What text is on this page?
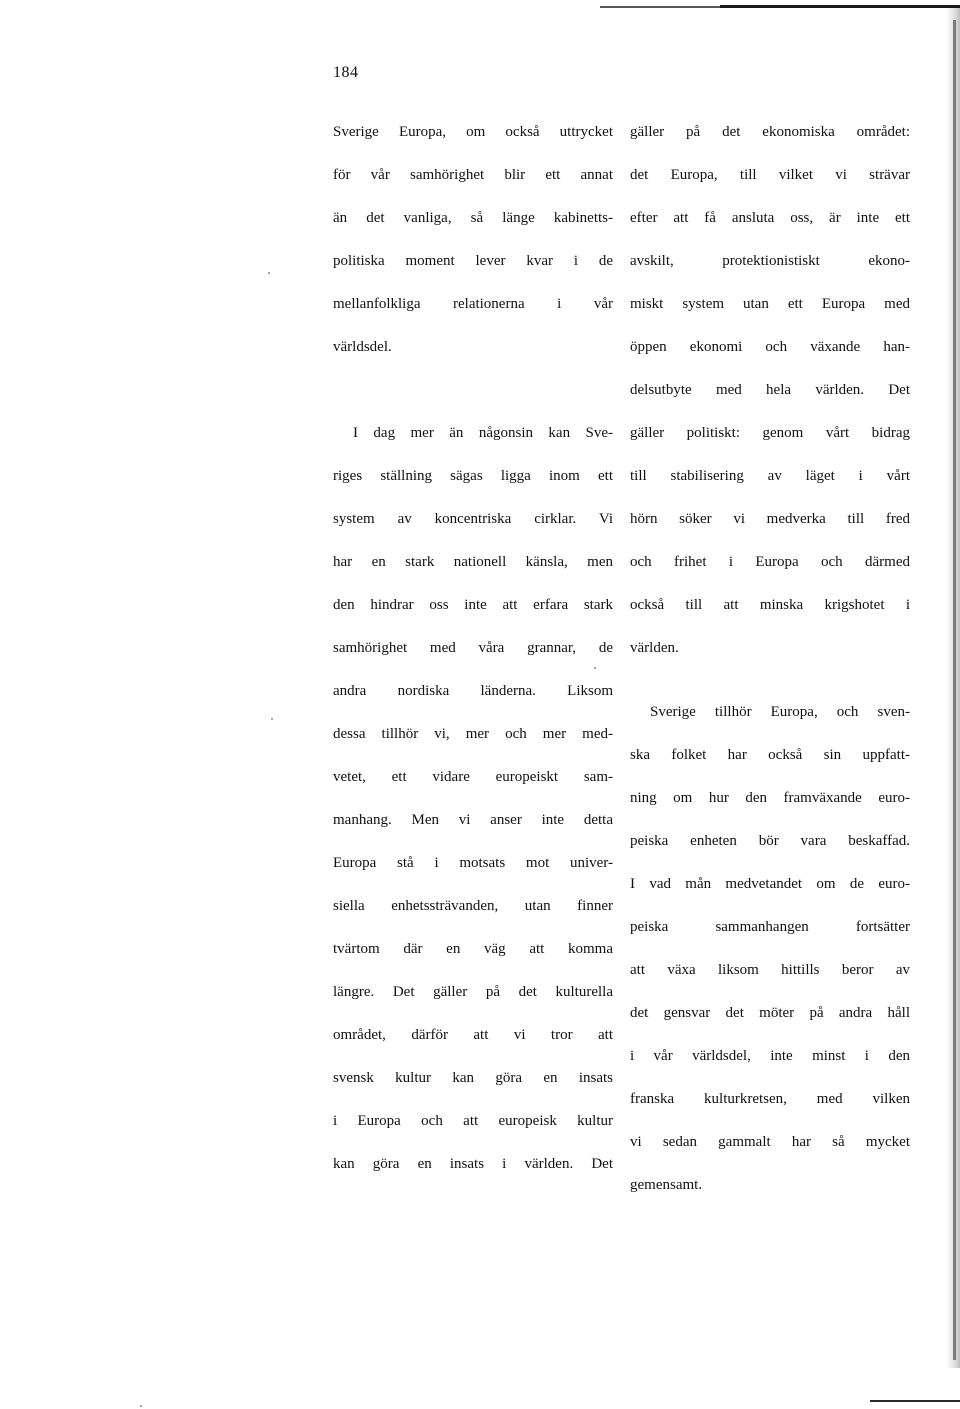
184

Sverige Europa, om också uttrycket

för vår samhörighet blir ett annat

än det vanliga, så länge kabinetts-

politiska moment lever kvar i de

mellanfolkliga relationerna i vår

världsdel.

I dag mer än någonsin kan Sve-

riges ställning sägas ligga inom ett

system av koncentriska cirklar. Vi

har en stark nationell känsla, men

den hindrar oss inte att erfara stark

samhörighet med våra grannar, de

andra nordiska länderna. Liksom

dessa tillhör vi, mer och mer med-

vetet, ett vidare europeiskt sam-

manhang. Men vi anser inte detta

Europa stå i motsats mot univer-

siella enhetssträvanden, utan finner

tvärtom där en väg att komma

längre. Det gäller på det kulturella

området, därför att vi tror att

svensk kultur kan göra en insats

i Europa och att europeisk kultur

kan göra en insats i världen. Det

gäller på det ekonomiska området:

det Europa, till vilket vi strävar

efter att få ansluta oss, är inte ett

avskilt, protektionistiskt ekono-

miskt system utan ett Europa med

öppen ekonomi och växande han-

delsutbyte med hela världen. Det

gäller politiskt: genom vårt bidrag

till stabilisering av läget i vårt

hörn söker vi medverka till fred

och frihet i Europa och därmed

också till att minska krigshotet i

världen.

Sverige tillhör Europa, och sven-

ska folket har också sin uppfatt-

ning om hur den framväxande euro-

peiska enheten bör vara beskaffad.

I vad mån medvetandet om de euro-

peiska sammanhangen fortsätter

att växa liksom hittills beror av

det gensvar det möter på andra håll

i vår världsdel, inte minst i den

franska kulturkretsen, med vilken

vi sedan gammalt har så mycket

gemensamt.
